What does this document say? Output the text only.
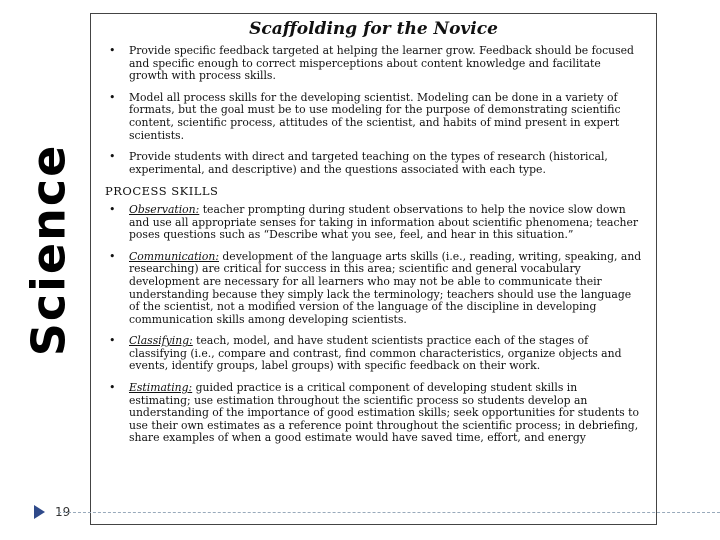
Science
Scaffolding for the Novice
• Provide specific feedback targeted at helping the learner grow. Feedback should be focused and specific enough to correct misperceptions about content knowledge and facilitate growth with process skills.
• Model all process skills for the developing scientist. Modeling can be done in a variety of formats, but the goal must be to use modeling for the purpose of demonstrating scientific content, scientific process, attitudes of the scientist, and habits of mind present in expert scientists.
• Provide students with direct and targeted teaching on the types of research (historical, experimental, and descriptive) and the questions associated with each type.
PROCESS SKILLS
• Observation: teacher prompting during student observations to help the novice slow down and use all appropriate senses for taking in information about scientific phenomena; teacher poses questions such as “Describe what you see, feel, and hear in this situation.”
• Communication: development of the language arts skills (i.e., reading, writing, speaking, and researching) are critical for success in this area; scientific and general vocabulary development are necessary for all learners who may not be able to communicate their understanding because they simply lack the terminology; teachers should use the language of the scientist, not a modified version of the language of the discipline in developing communication skills among developing scientists.
• Classifying: teach, model, and have student scientists practice each of the stages of classifying (i.e., compare and contrast, find common characteristics, organize objects and events, identify groups, label groups) with specific feedback on their work.
• Estimating: guided practice is a critical component of developing student skills in estimating; use estimation throughout the scientific process so students develop an understanding of the importance of good estimation skills; seek opportunities for students to use their own estimates as a reference point throughout the scientific process; in debriefing, share examples of when a good estimate would have saved time, effort, and energy
19
